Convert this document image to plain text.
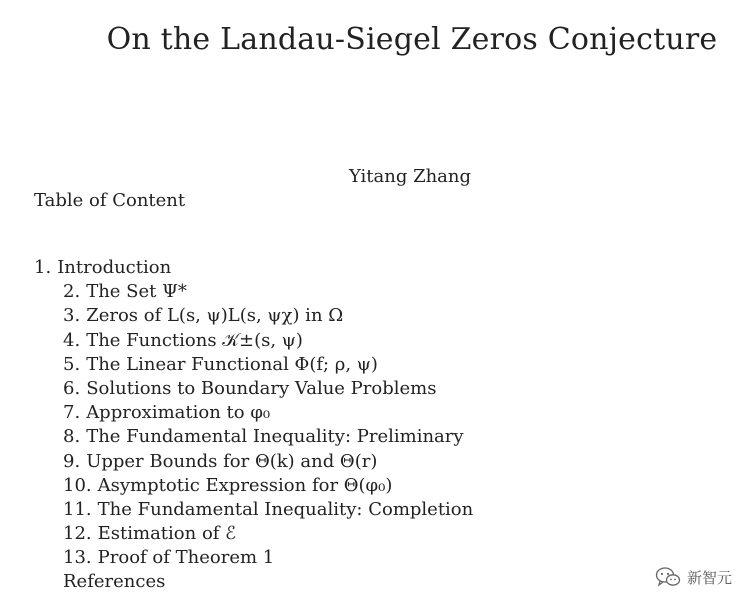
On the Landau-Siegel Zeros Conjecture
Yitang Zhang
Table of Content
1. Introduction
2. The Set Ψ*
3. Zeros of L(s, ψ)L(s, ψχ) in Ω
4. The Functions 𝒦±(s, ψ)
5. The Linear Functional Φ(f; ρ, ψ)
6. Solutions to Boundary Value Problems
7. Approximation to φ₀
8. The Fundamental Inequality: Preliminary
9. Upper Bounds for Θ(k) and Θ(r)
10. Asymptotic Expression for Θ(φ₀)
11. The Fundamental Inequality: Completion
12. Estimation of ℰ
13. Proof of Theorem 1
References	新智元
